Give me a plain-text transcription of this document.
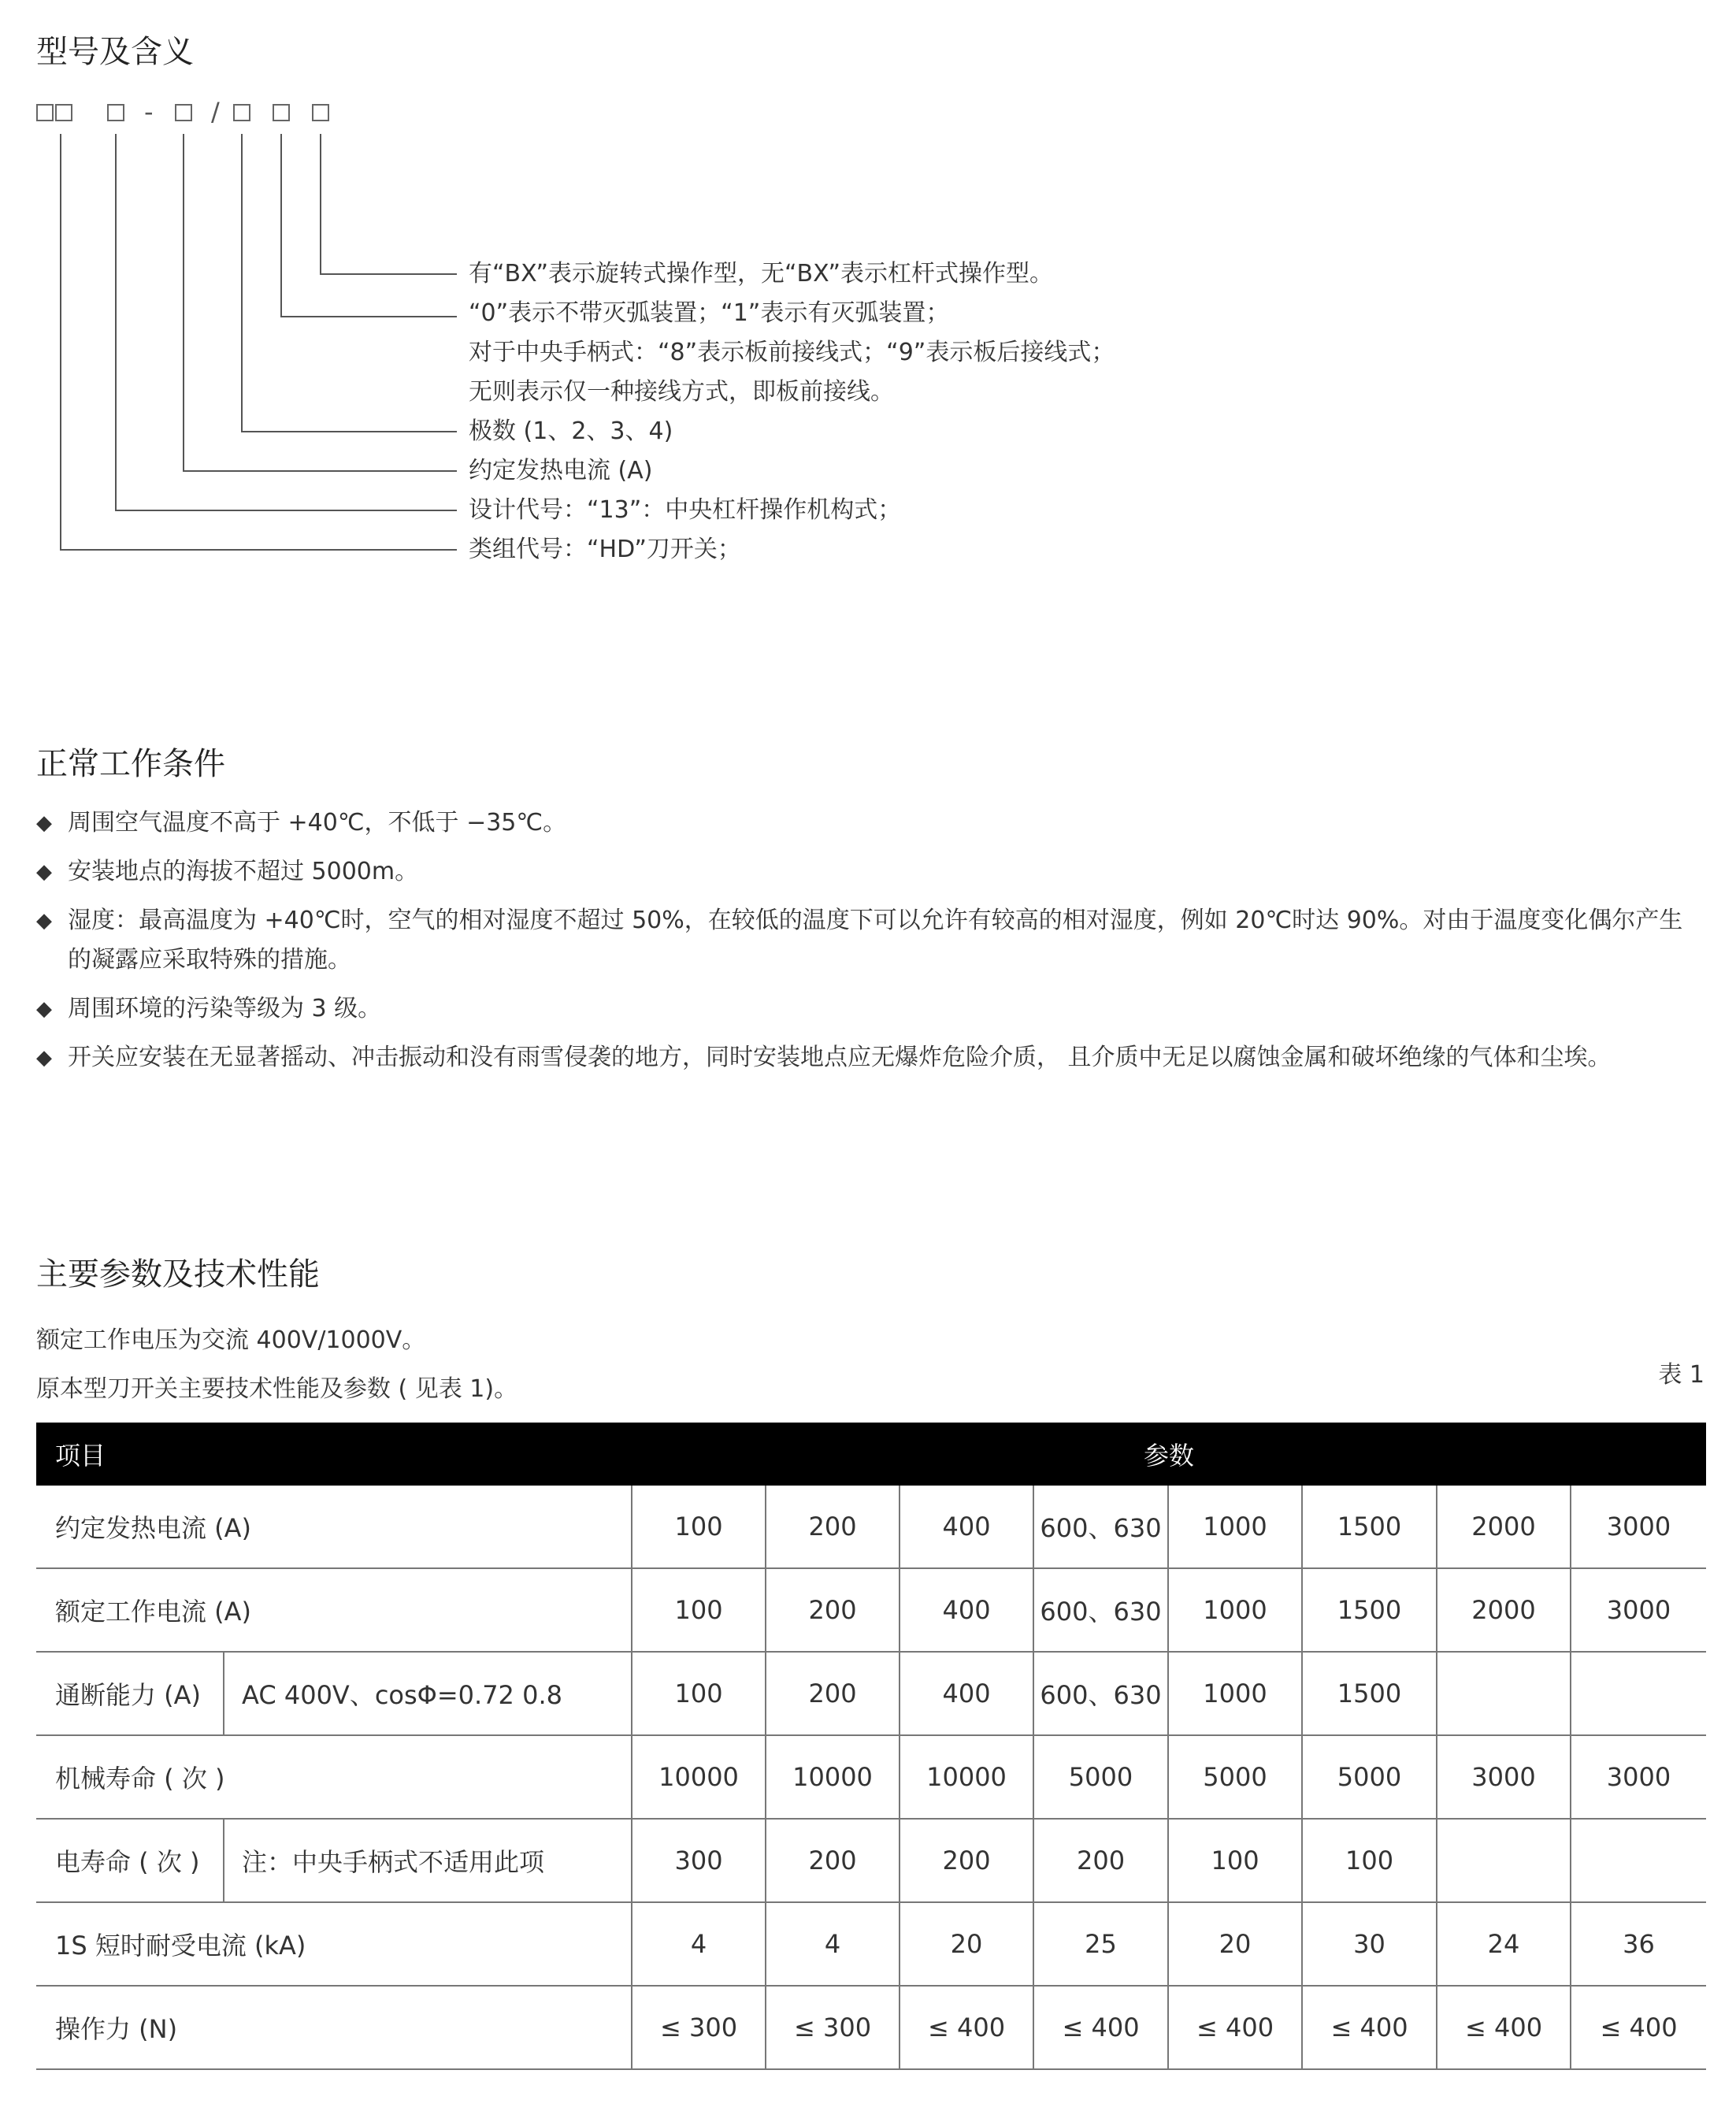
型号及含义
- /
有“BX”表示旋转式操作型，无“BX”表示杠杆式操作型。
“0”表示不带灭弧装置；“1”表示有灭弧装置；
对于中央手柄式：“8”表示板前接线式；“9”表示板后接线式；
无则表示仅一种接线方式，即板前接线。
极数 (1、2、3、4)
约定发热电流 (A)
设计代号：“13”：中央杠杆操作机构式；
类组代号：“HD”刀开关；
正常工作条件
◆ 周围空气温度不高于 +40℃，不低于 −35℃。
◆ 安装地点的海拔不超过 5000m。
◆ 湿度：最高温度为 +40℃时，空气的相对湿度不超过 50%，在较低的温度下可以允许有较高的相对湿度，例如 20℃时达 90%。对由于温度变化偶尔产生的凝露应采取特殊的措施。
◆ 周围环境的污染等级为 3 级。
◆ 开关应安装在无显著摇动、冲击振动和没有雨雪侵袭的地方，同时安装地点应无爆炸危险介质， 且介质中无足以腐蚀金属和破坏绝缘的气体和尘埃。
主要参数及技术性能
额定工作电压为交流 400V/1000V。
原本型刀开关主要技术性能及参数 ( 见表 1)。
表 1
项目		参数							
约定发热电流 (A)		100	200	400	600、630	1000	1500	2000	3000
额定工作电流 (A)		100	200	400	600、630	1000	1500	2000	3000
通断能力 (A)	AC 400V、cosΦ=0.72 0.8	100	200	400	600、630	1000	1500		
机械寿命 ( 次 )		10000	10000	10000	5000	5000	5000	3000	3000
电寿命 ( 次 )	注：中央手柄式不适用此项	300	200	200	200	100	100		
1S 短时耐受电流 (kA)		4	4	20	25	20	30	24	36
操作力 (N)		≤ 300	≤ 300	≤ 400	≤ 400	≤ 400	≤ 400	≤ 400	≤ 400
